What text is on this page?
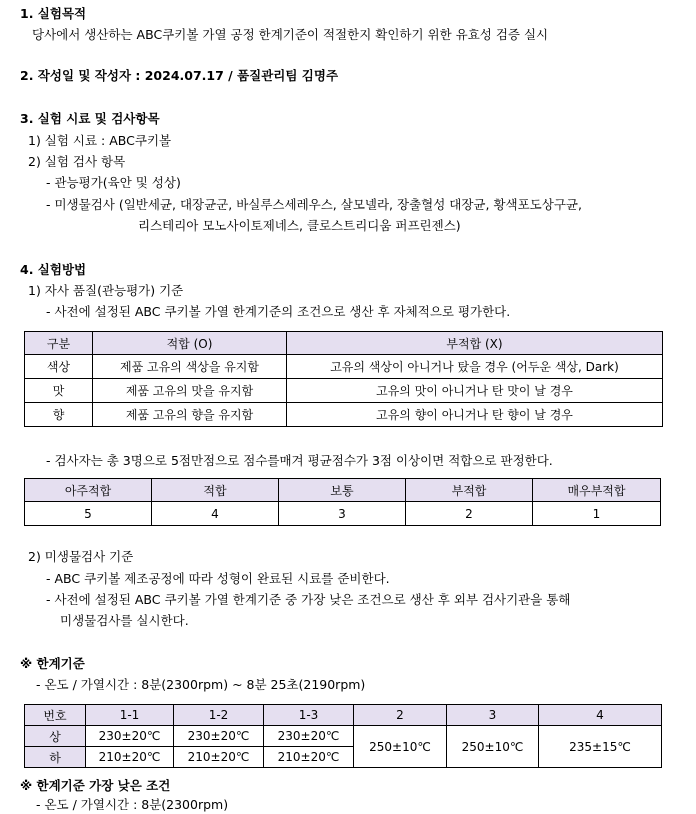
1. 실험목적
당사에서 생산하는 ABC쿠키볼 가열 공정 한계기준이 적절한지 확인하기 위한 유효성 검증 실시
2. 작성일 및 작성자 : 2024.07.17 / 품질관리팀 김명주
3. 실험 시료 및 검사항목
1) 실험 시료 : ABC쿠키볼
2) 실험 검사 항목
- 관능평가(육안 및 성상)
- 미생물검사 (일반세균, 대장균군, 바실루스세레우스, 살모넬라, 장출혈성 대장균, 황색포도상구균,
리스테리아 모노사이토제네스, 클로스트리디움 퍼프린젠스)
4. 실험방법
1) 자사 품질(관능평가) 기준
- 사전에 설정된 ABC 쿠키볼 가열 한계기준의 조건으로 생산 후 자체적으로 평가한다.
구분	적합 (O)	부적합 (X)
색상	제품 고유의 색상을 유지함	고유의 색상이 아니거나 탔을 경우 (어두운 색상, Dark)
맛	제품 고유의 맛을 유지함	고유의 맛이 아니거나 탄 맛이 날 경우
향	제품 고유의 향을 유지함	고유의 향이 아니거나 탄 향이 날 경우
- 검사자는 총 3명으로 5점만점으로 점수를매겨 평균점수가 3점 이상이면 적합으로 판정한다.
아주적합	적합	보통	부적합	매우부적합
5	4	3	2	1
2) 미생물검사 기준
- ABC 쿠키볼 제조공정에 따라 성형이 완료된 시료를 준비한다.
- 사전에 설정된 ABC 쿠키볼 가열 한계기준 중 가장 낮은 조건으로 생산 후 외부 검사기관을 통해
미생물검사를 실시한다.
※ 한계기준
- 온도 / 가열시간 : 8분(2300rpm) ~ 8분 25초(2190rpm)
번호	1-1	1-2	1-3	2	3	4
상	230±20℃	230±20℃	230±20℃	250±10℃	250±10℃	235±15℃
하	210±20℃	210±20℃	210±20℃			
※ 한계기준 가장 낮은 조건
- 온도 / 가열시간 : 8분(2300rpm)
